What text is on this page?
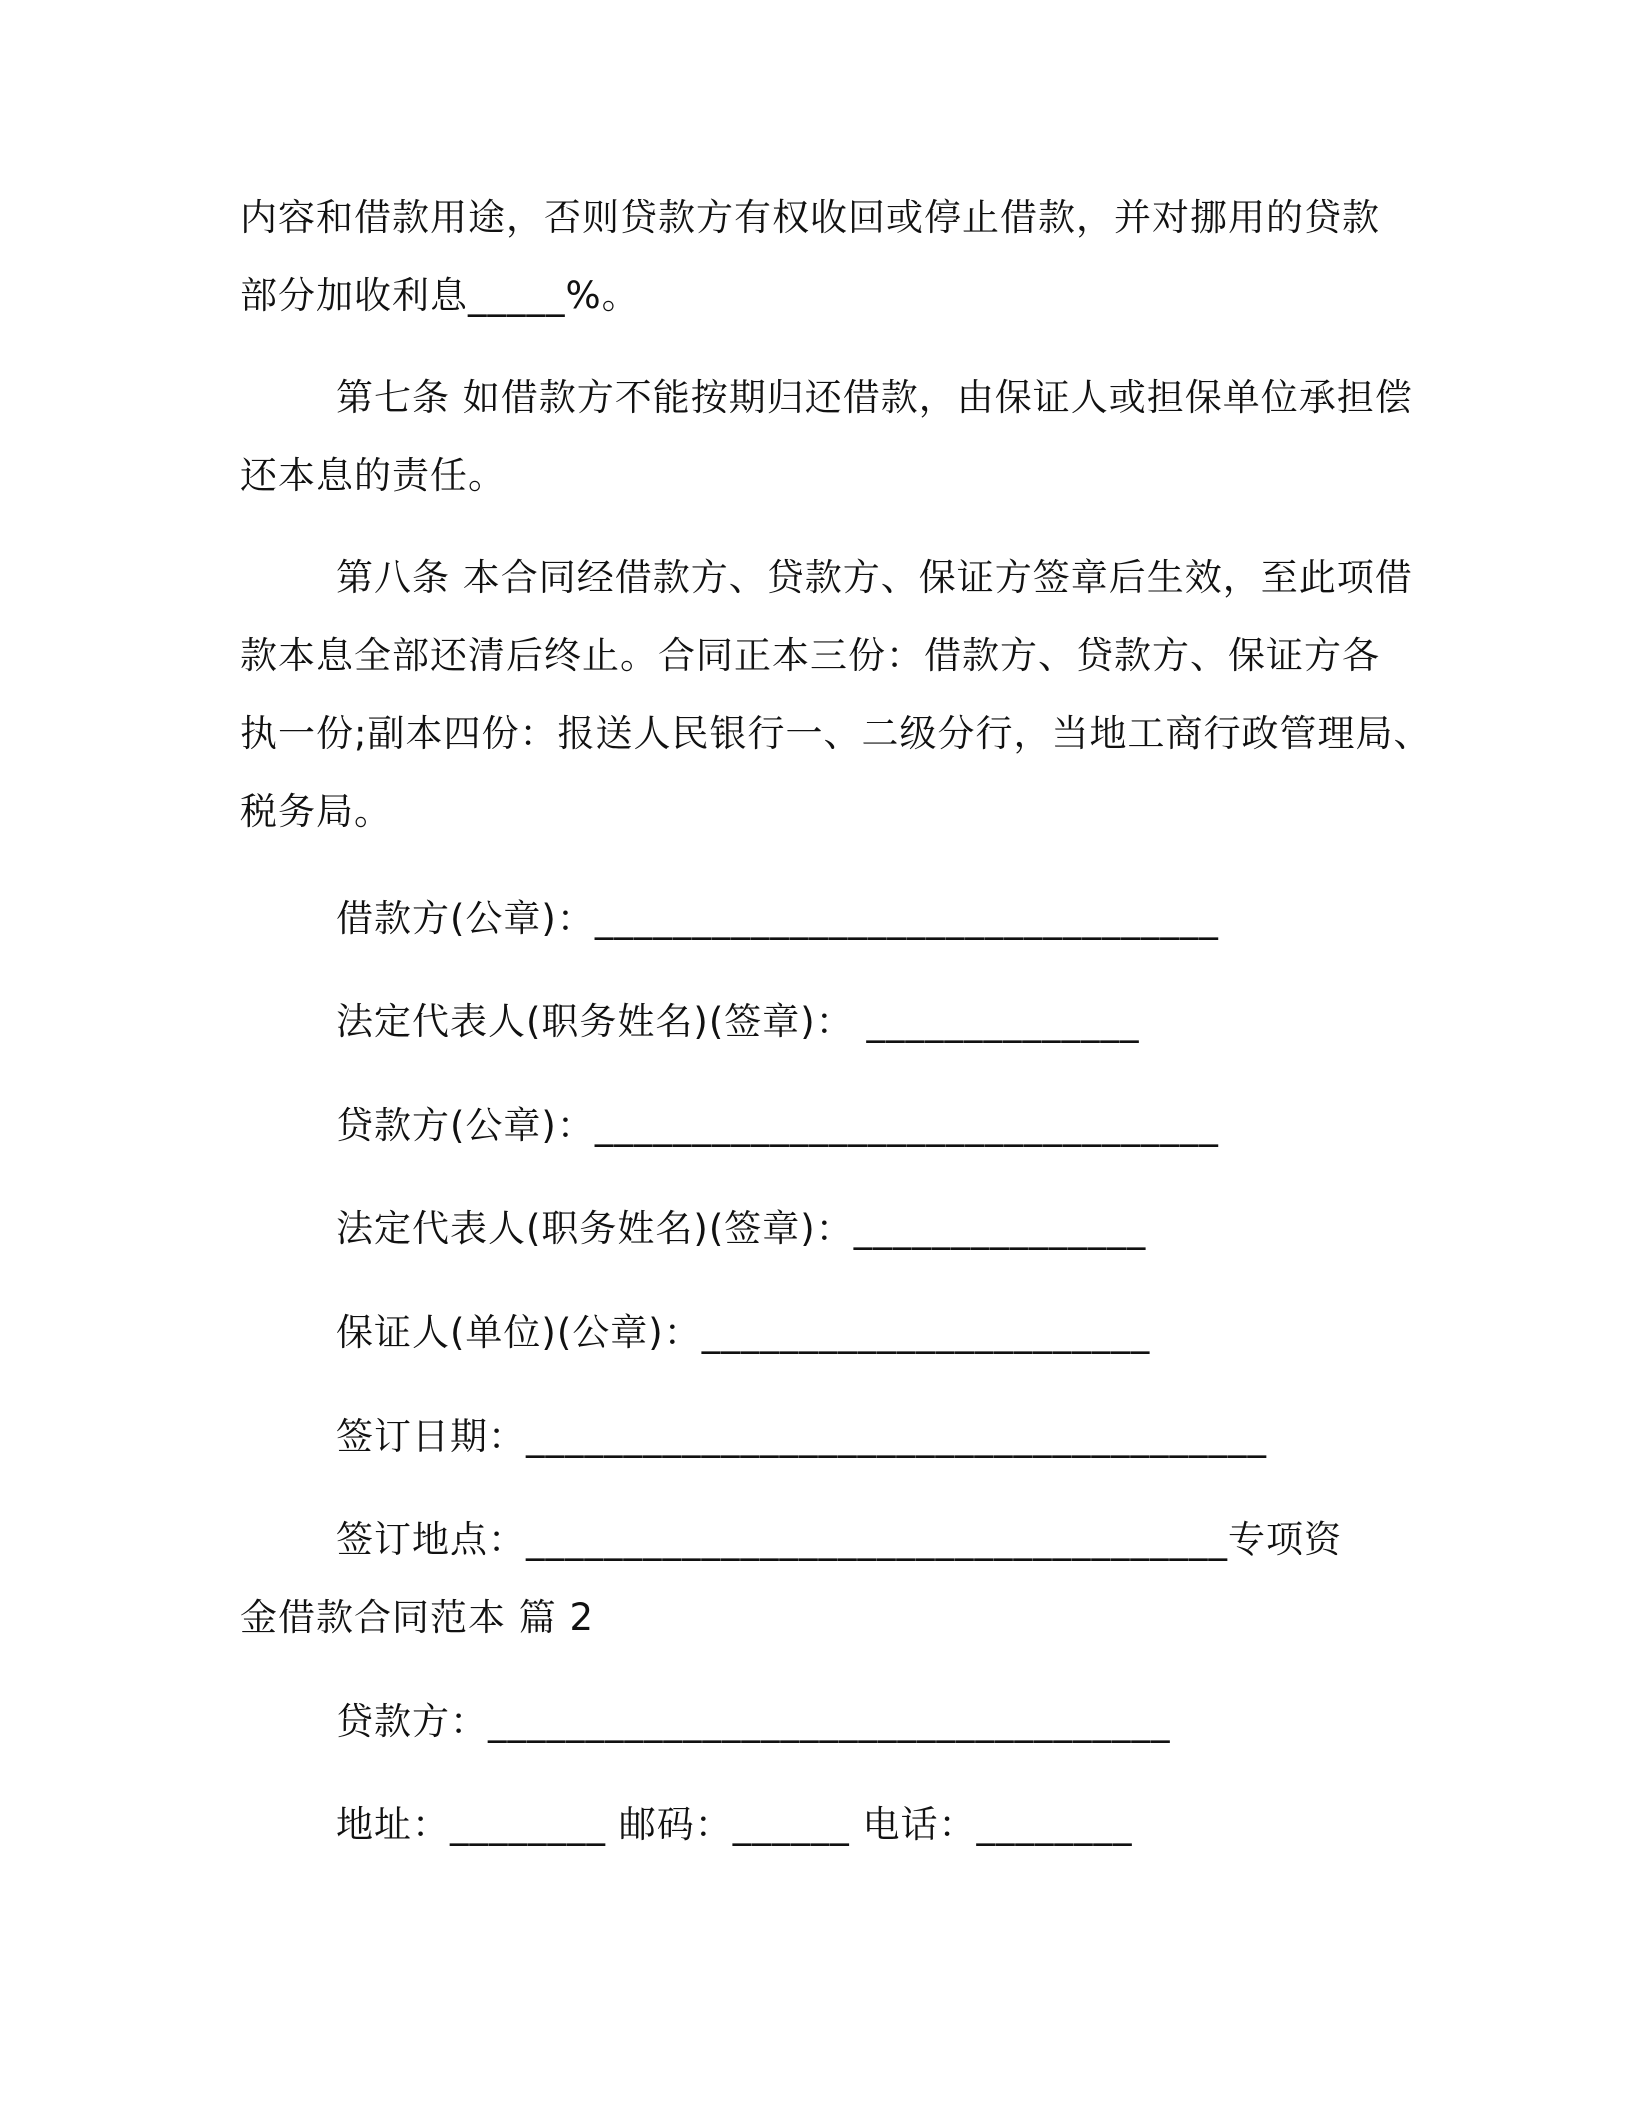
内容和借款用途，否则贷款方有权收回或停止借款，并对挪用的贷款
部分加收利息_____%。
第七条 如借款方不能按期归还借款，由保证人或担保单位承担偿
还本息的责任。
第八条 本合同经借款方、贷款方、保证方签章后生效，至此项借
款本息全部还清后终止。合同正本三份：借款方、贷款方、保证方各
执一份;副本四份：报送人民银行一、二级分行，当地工商行政管理局、
税务局。
借款方(公章)：________________________________
法定代表人(职务姓名)(签章)： ______________
贷款方(公章)：________________________________
法定代表人(职务姓名)(签章)：_______________
保证人(单位)(公章)：_______________________
签订日期：______________________________________
签订地点：____________________________________专项资
金借款合同范本 篇 2
贷款方：___________________________________
地址：________ 邮码：______ 电话：________
